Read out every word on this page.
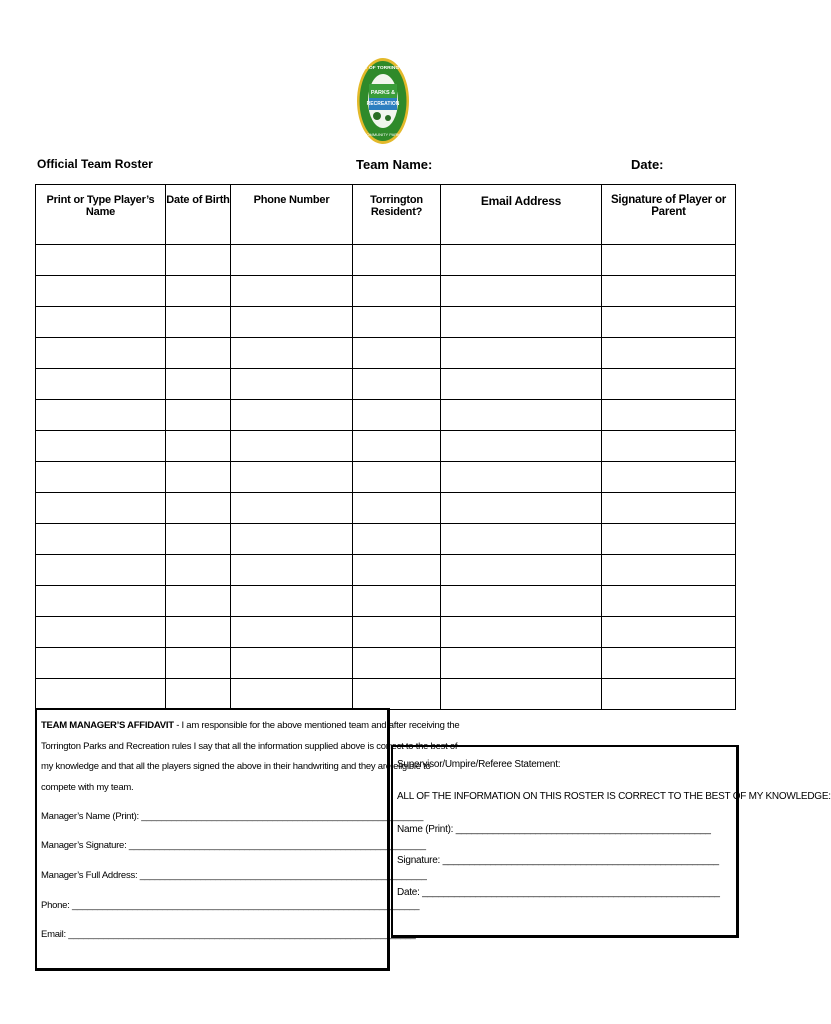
PARKS &
RECREATION
CITY OF TORRINGTON
COMMUNITY PARKS
Official Team Roster	Team Name:	Date:
Print or Type Player’s Name	Date of Birth	Phone Number	Torrington Resident?	Email Address	Signature of Player or Parent

TEAM MANAGER’S AFFIDAVIT - I am responsible for the above mentioned team and after receiving the

Torrington Parks and Recreation rules I say that all the information supplied above is correct to the best of

my knowledge and that all the players signed the above in their handwriting and they are eligible to

compete with my team.

Manager’s Name (Print): ________________________________________________________

Manager’s Signature: ___________________________________________________________

Manager’s Full Address: _________________________________________________________

Phone: _____________________________________________________________________

Email: _____________________________________________________________________

Supervisor/Umpire/Referee Statement:

ALL OF THE INFORMATION ON THIS ROSTER IS CORRECT TO THE BEST OF MY KNOWLEDGE:

Name (Print): ________________________________________________

Signature: ____________________________________________________

Date: ________________________________________________________
